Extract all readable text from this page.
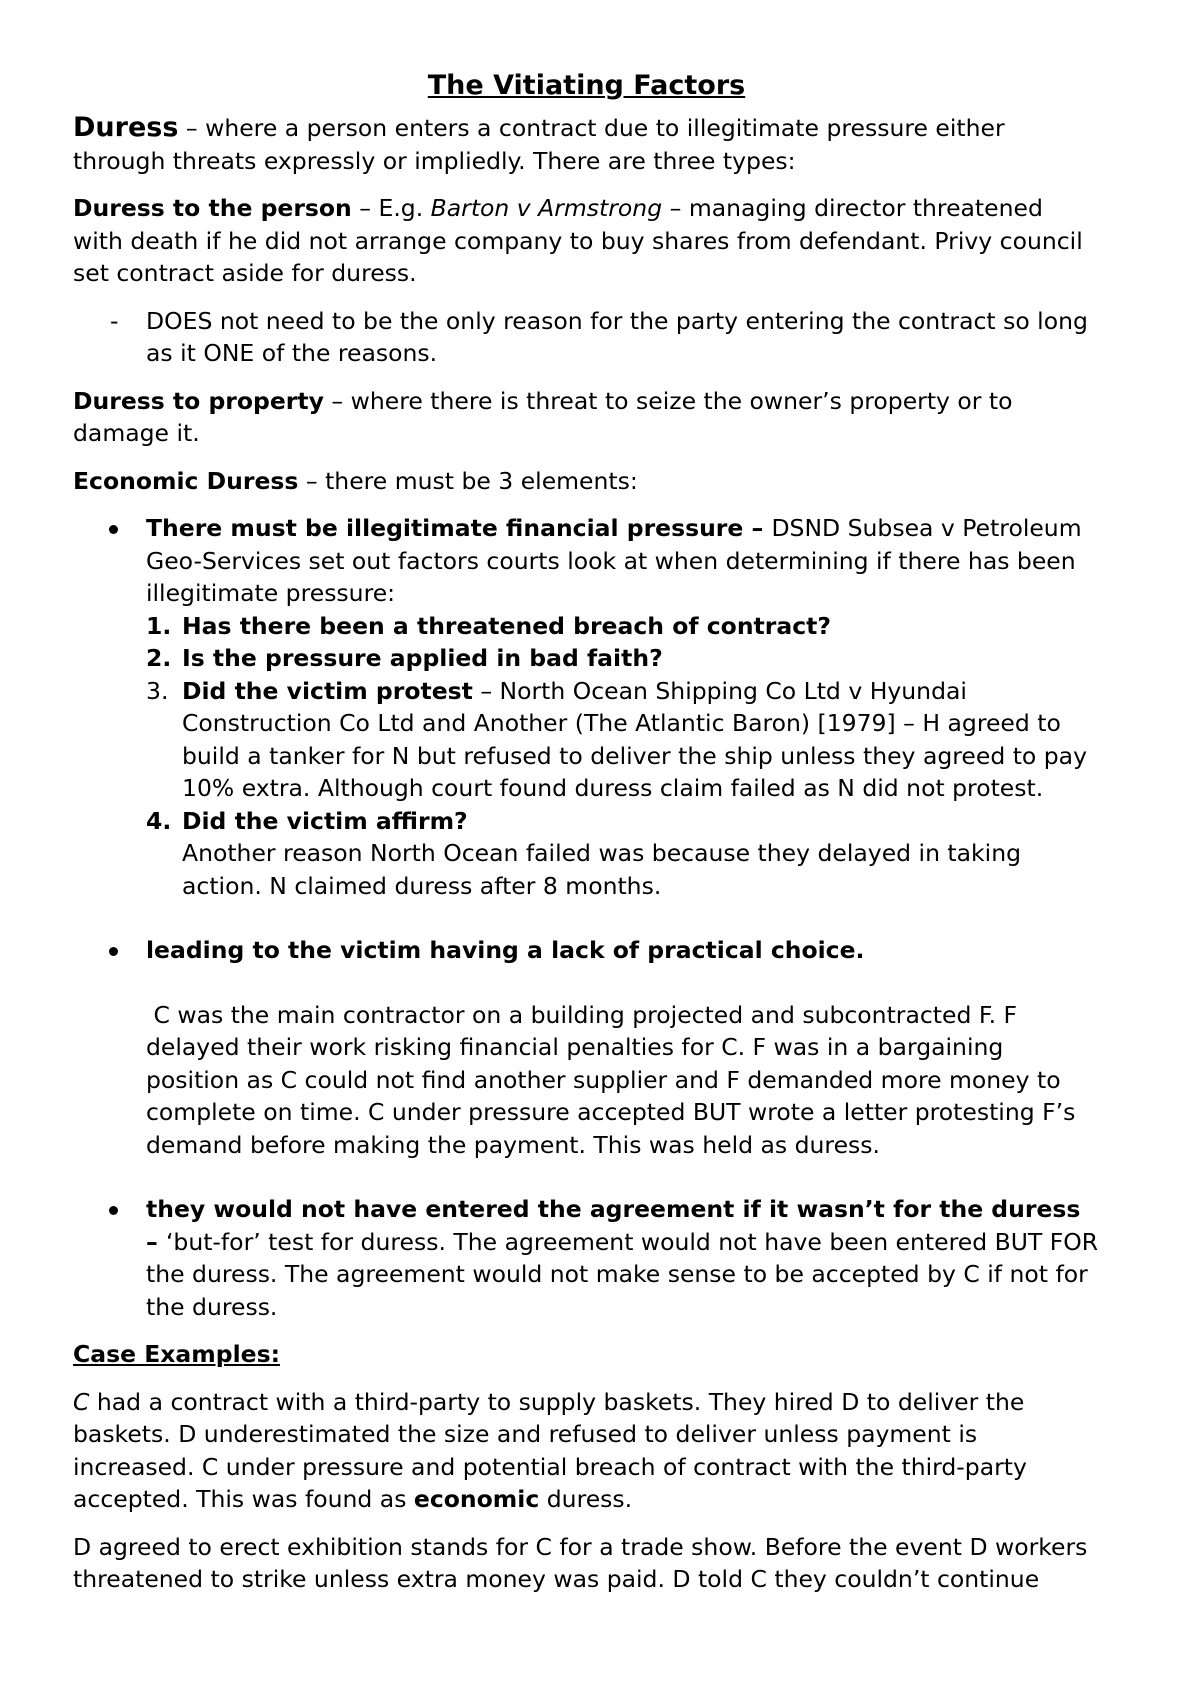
The Vitiating Factors

Duress – where a person enters a contract due to illegitimate pressure either through threats expressly or impliedly. There are three types:

Duress to the person – E.g. Barton v Armstrong – managing director threatened with death if he did not arrange company to buy shares from defendant. Privy council set contract aside for duress.

- DOES not need to be the only reason for the party entering the contract so long as it ONE of the reasons.

Duress to property – where there is threat to seize the owner’s property or to damage it.

Economic Duress – there must be 3 elements:

There must be illegitimate financial pressure – DSND Subsea v Petroleum Geo-Services set out factors courts look at when determining if there has been illegitimate pressure:
1. Has there been a threatened breach of contract?
2. Is the pressure applied in bad faith?
3. Did the victim protest – North Ocean Shipping Co Ltd v Hyundai Construction Co Ltd and Another (The Atlantic Baron) [1979] – H agreed to build a tanker for N but refused to deliver the ship unless they agreed to pay 10% extra. Although court found duress claim failed as N did not protest.
4. Did the victim affirm?
Another reason North Ocean failed was because they delayed in taking action. N claimed duress after 8 months.
leading to the victim having a lack of practical choice.
C was the main contractor on a building projected and subcontracted F. F delayed their work risking financial penalties for C. F was in a bargaining position as C could not find another supplier and F demanded more money to complete on time. C under pressure accepted BUT wrote a letter protesting F’s demand before making the payment. This was held as duress.
they would not have entered the agreement if it wasn’t for the duress – ‘but-for’ test for duress. The agreement would not have been entered BUT FOR the duress. The agreement would not make sense to be accepted by C if not for the duress.

Case Examples:

C had a contract with a third-party to supply baskets. They hired D to deliver the baskets. D underestimated the size and refused to deliver unless payment is increased. C under pressure and potential breach of contract with the third-party accepted. This was found as economic duress.

D agreed to erect exhibition stands for C for a trade show. Before the event D workers threatened to strike unless extra money was paid. D told C they couldn’t continue
